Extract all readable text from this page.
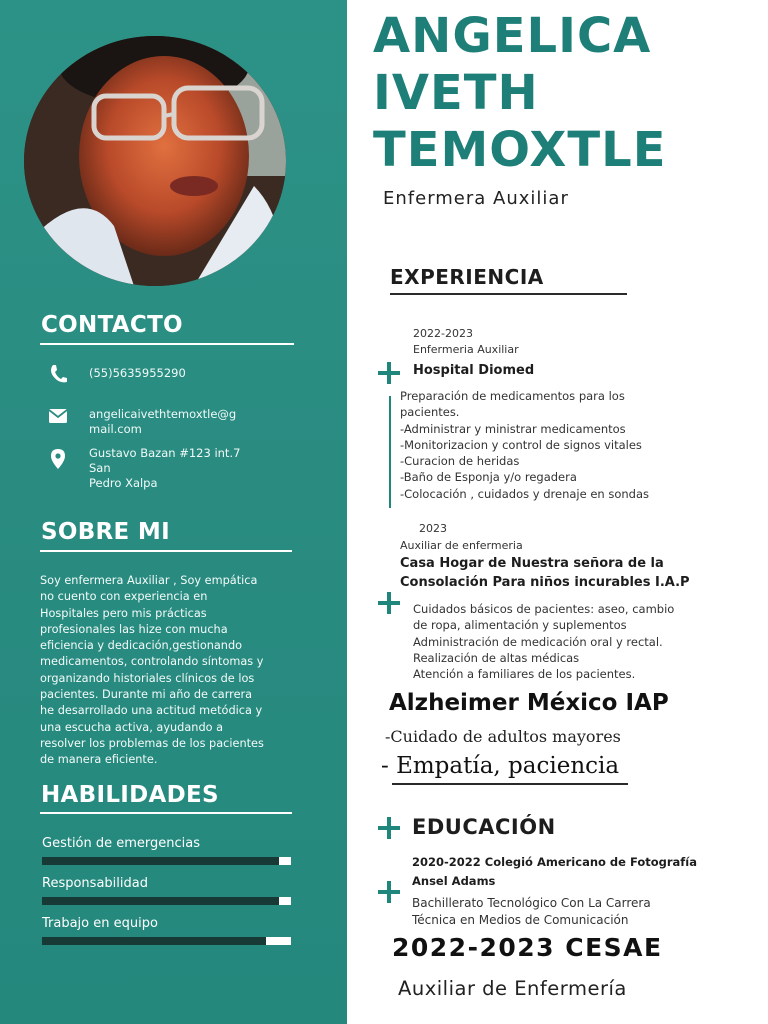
CONTACTO
(55)5635955290
angelicaivethtemoxtle@g
mail.com
Gustavo Bazan #123 int.7 San
Pedro Xalpa
SOBRE MI
Soy enfermera Auxiliar , Soy empática
no cuento con experiencia en
Hospitales pero mis prácticas
profesionales las hize con mucha
eficiencia y dedicación,gestionando
medicamentos, controlando síntomas y
organizando historiales clínicos de los
pacientes. Durante mi año de carrera
he desarrollado una actitud metódica y
una escucha activa, ayudando a
resolver los problemas de los pacientes
de manera eficiente.
HABILIDADES
Gestión de emergencias
Responsabilidad
Trabajo en equipo
ANGELICA
IVETH
TEMOXTLE
Enfermera Auxiliar
EXPERIENCIA
2022-2023
Enfermeria Auxiliar
Hospital Diomed
Preparación de medicamentos para los
pacientes.
-Administrar y ministrar medicamentos
-Monitorizacion y control de signos vitales
-Curacion de heridas
-Baño de Esponja y/o regadera
-Colocación , cuidados y drenaje en sondas
2023
Auxiliar de enfermeria
Casa Hogar de Nuestra señora de la
Consolación Para niños incurables I.A.P
Cuidados básicos de pacientes: aseo, cambio
de ropa, alimentación y suplementos
Administración de medicación oral y rectal.
Realización de altas médicas
Atención a familiares de los pacientes.
Alzheimer México IAP
-Cuidado de adultos mayores
- Empatía, paciencia
EDUCACIÓN
2020-2022 Colegió Americano de Fotografía
Ansel Adams
Bachillerato Tecnológico Con La Carrera
Técnica en Medios de Comunicación
2022-2023 CESAE
Auxiliar de Enfermería
